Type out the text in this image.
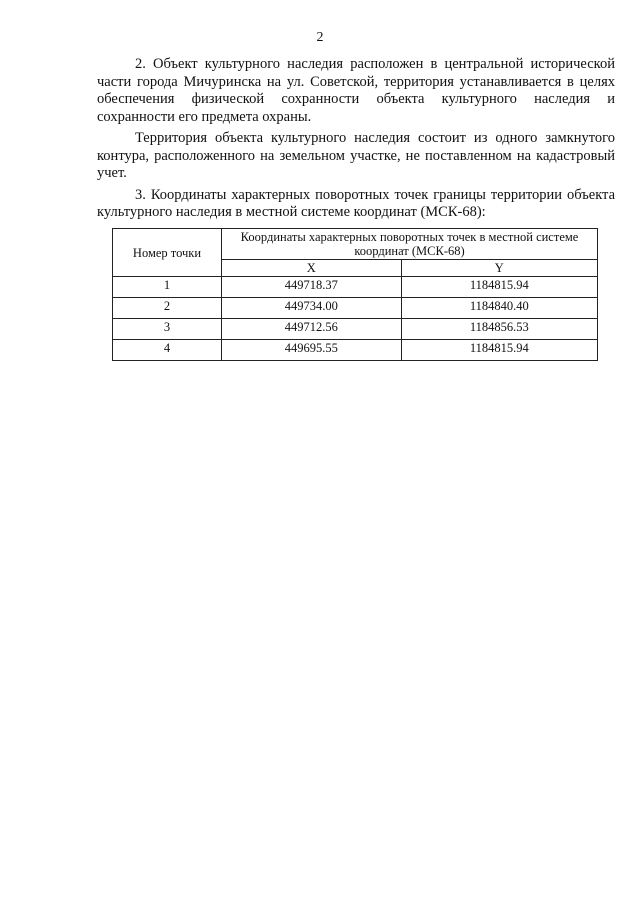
2

2. Объект культурного наследия расположен в центральной исторической части города Мичуринска на ул. Советской, территория устанавливается в целях обеспечения физической сохранности объекта культурного наследия и сохранности его предмета охраны.

Территория объекта культурного наследия состоит из одного замкнутого контура, расположенного на земельном участке, не поставленном на кадастровый учет.

3. Координаты характерных поворотных точек границы территории объекта культурного наследия в местной системе координат (МСК-68):

Номер точки	Координаты характерных поворотных точек в местной системе координат (МСК-68)	
	X	Y
1	449718.37	1184815.94
2	449734.00	1184840.40
3	449712.56	1184856.53
4	449695.55	1184815.94
